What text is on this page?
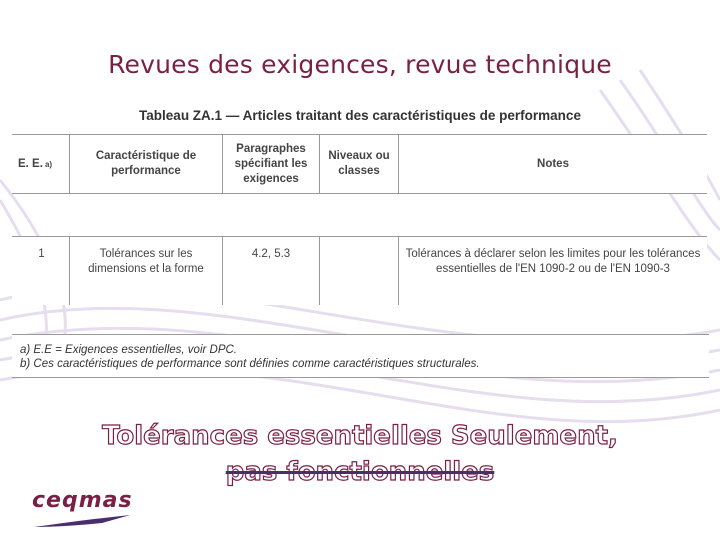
Revues des exigences, revue technique
Tableau ZA.1 — Articles traitant des caractéristiques de performance
E. E. a)
Caractéristique de performance
Paragraphes spécifiant les exigences
Niveaux ou classes
Notes
1	Tolérances sur les dimensions et la forme
4.2, 5.3	Tolérances à déclarer selon les limites pour les tolérances essentielles de l'EN 1090-2 ou de l'EN 1090-3
a) E.E = Exigences essentielles, voir DPC.
b) Ces caractéristiques de performance sont définies comme caractéristiques structurales.
Tolérances essentielles Seulement,
pas fonctionnelles
ceqmas
